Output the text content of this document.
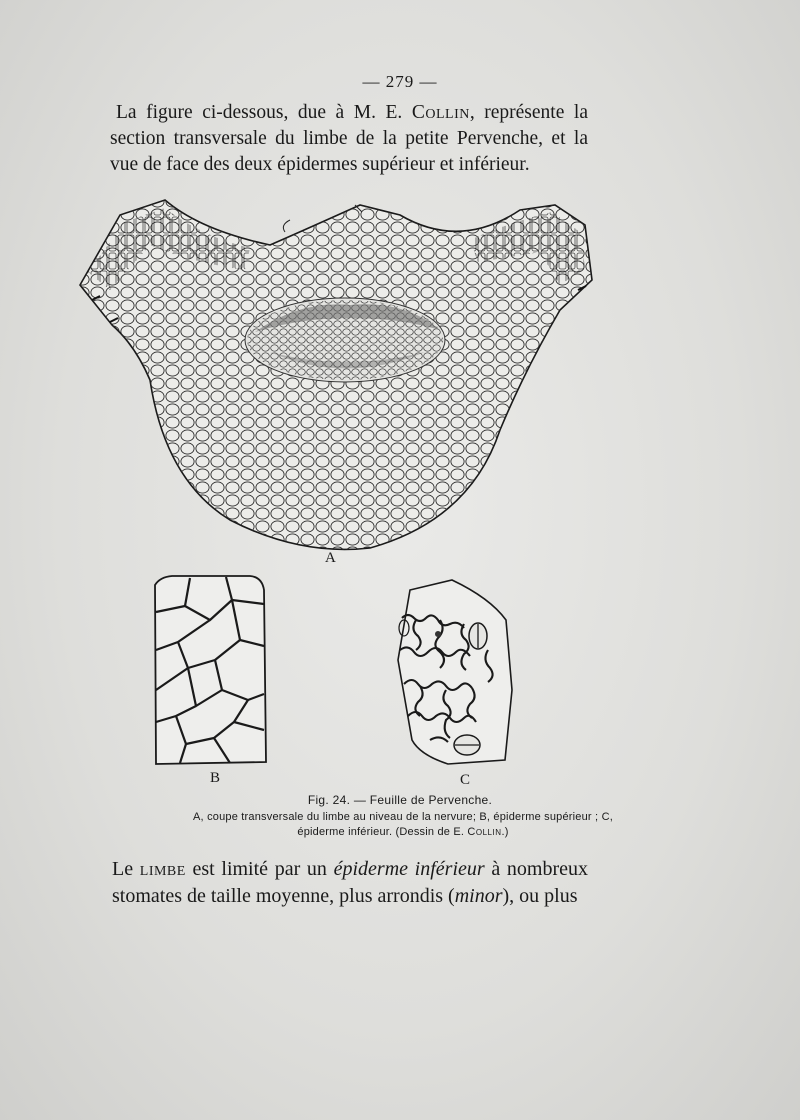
— 279 —

La figure ci-dessous, due à M. E. Collin, représente la section transversale du limbe de la petite Pervenche, et la vue de face des deux épidermes supérieur et inférieur.

A
B	C
Fig. 24. — Feuille de Pervenche.
A, coupe transversale du limbe au niveau de la nervure; B, épiderme supérieur ; C, épiderme inférieur. (Dessin de E. Collin.)

Le limbe est limité par un épiderme inférieur à nombreux stomates de taille moyenne, plus arrondis (minor), ou plus
